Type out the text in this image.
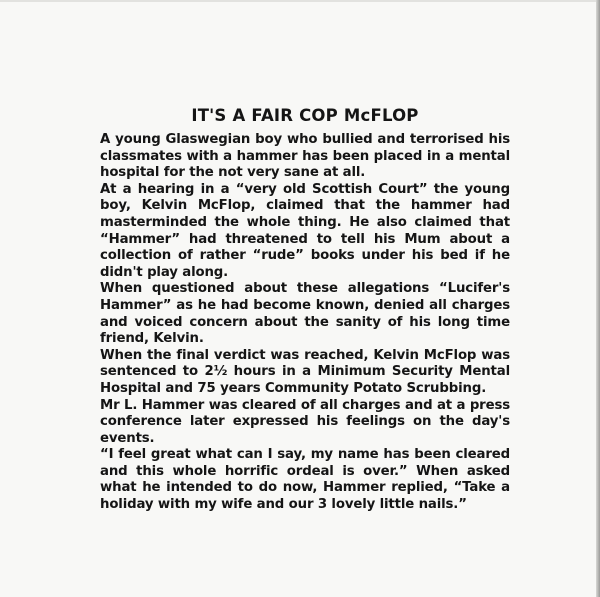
IT'S A FAIR COP McFLOP

A young Glaswegian boy who bullied and terrorised his classmates with a hammer has been placed in a mental hospital for the not very sane at all.

At a hearing in a “very old Scottish Court” the young boy, Kelvin McFlop, claimed that the hammer had masterminded the whole thing. He also claimed that “Hammer” had threatened to tell his Mum about a collection of rather “rude” books under his bed if he didn't play along.

When questioned about these allegations “Lucifer's Hammer” as he had become known, denied all charges and voiced concern about the sanity of his long time friend, Kelvin.

When the final verdict was reached, Kelvin McFlop was sentenced to 2½ hours in a Minimum Security Mental Hospital and 75 years Community Potato Scrubbing.

Mr L. Hammer was cleared of all charges and at a press conference later expressed his feelings on the day's events.

“I feel great what can I say, my name has been cleared and this whole horrific ordeal is over.” When asked what he intended to do now, Hammer replied, “Take a holiday with my wife and our 3 lovely little nails.”
